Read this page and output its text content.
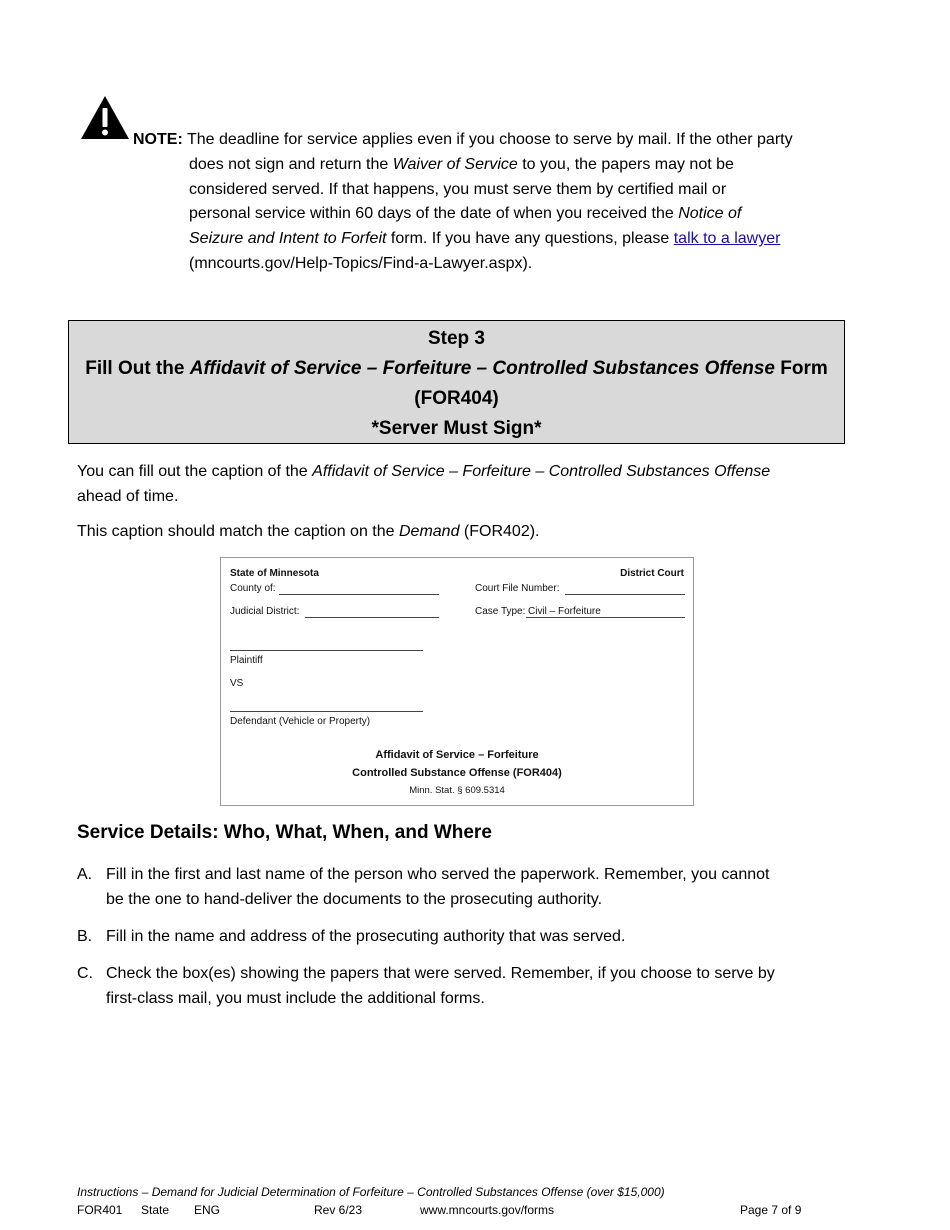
NOTE: The deadline for service applies even if you choose to serve by mail. If the other party
does not sign and return the Waiver of Service to you, the papers may not be
considered served. If that happens, you must serve them by certified mail or
personal service within 60 days of the date of when you received the Notice of
Seizure and Intent to Forfeit form. If you have any questions, please talk to a lawyer
(mncourts.gov/Help-Topics/Find-a-Lawyer.aspx).
Step 3
Fill Out the Affidavit of Service – Forfeiture – Controlled Substances Offense Form
(FOR404)
*Server Must Sign*
You can fill out the caption of the Affidavit of Service – Forfeiture – Controlled Substances Offense
ahead of time.
This caption should match the caption on the Demand (FOR402).
State of Minnesota	District Court
County of:	Court File Number:
Judicial District:	Case Type: Civil – Forfeiture
Plaintiff
VS
Defendant (Vehicle or Property)
Affidavit of Service – Forfeiture
Controlled Substance Offense (FOR404)
Minn. Stat. § 609.5314
Service Details: Who, What, When, and Where
A. Fill in the first and last name of the person who served the paperwork. Remember, you cannot
be the one to hand-deliver the documents to the prosecuting authority.
B. Fill in the name and address of the prosecuting authority that was served.
C. Check the box(es) showing the papers that were served. Remember, if you choose to serve by
first-class mail, you must include the additional forms.
Instructions – Demand for Judicial Determination of Forfeiture – Controlled Substances Offense (over $15,000)
FOR401 State ENG	Rev 6/23	www.mncourts.gov/forms	Page 7 of 9
